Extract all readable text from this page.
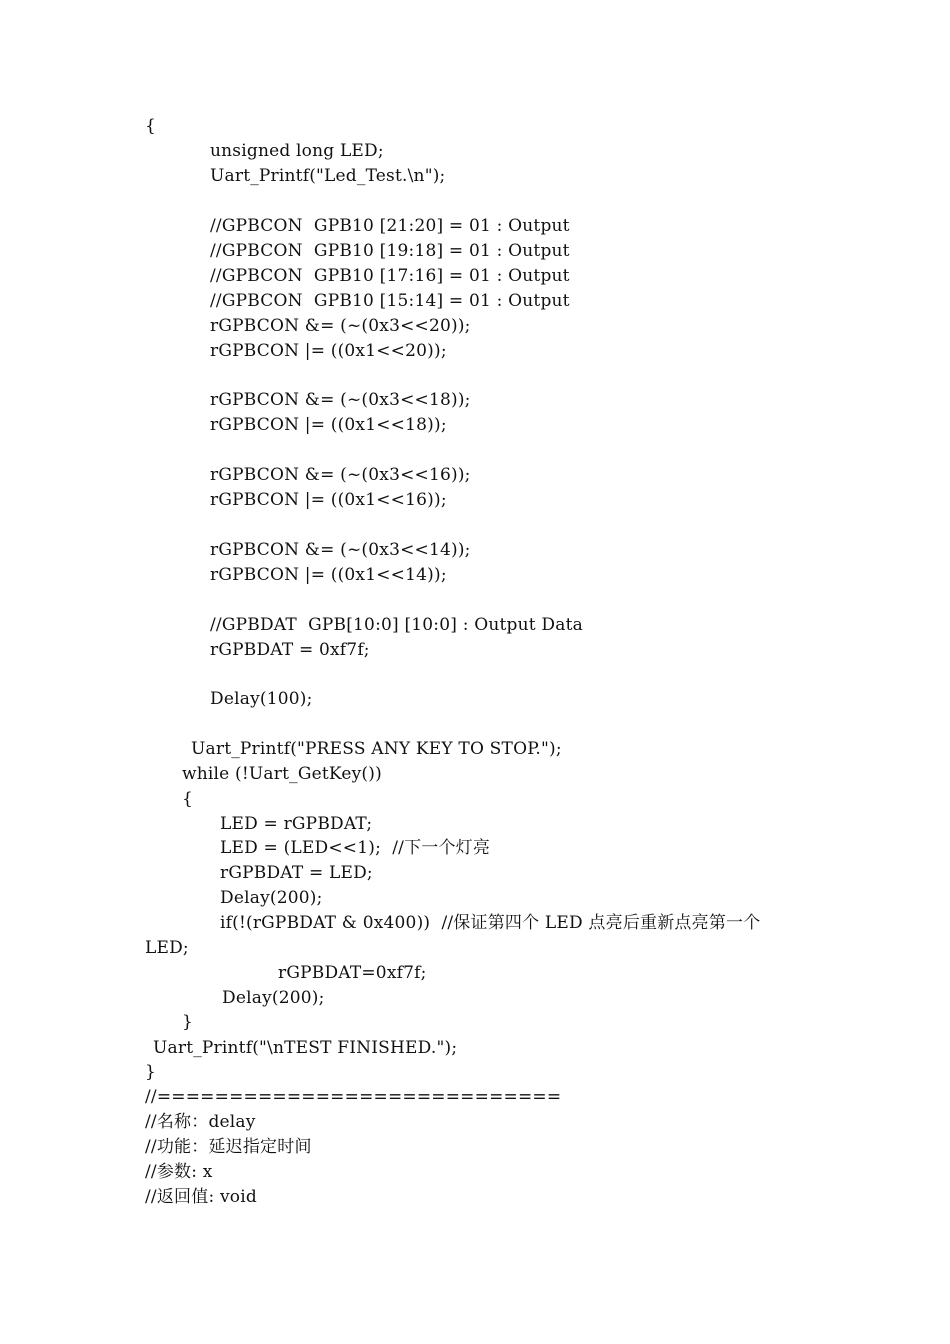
{
unsigned long LED;
Uart_Printf("Led_Test.\n");
//GPBCON  GPB10 [21:20] = 01 : Output
//GPBCON  GPB10 [19:18] = 01 : Output
//GPBCON  GPB10 [17:16] = 01 : Output
//GPBCON  GPB10 [15:14] = 01 : Output
rGPBCON &= (~(0x3<<20));
rGPBCON |= ((0x1<<20));
rGPBCON &= (~(0x3<<18));
rGPBCON |= ((0x1<<18));
rGPBCON &= (~(0x3<<16));
rGPBCON |= ((0x1<<16));
rGPBCON &= (~(0x3<<14));
rGPBCON |= ((0x1<<14));
//GPBDAT  GPB[10:0] [10:0] : Output Data
rGPBDAT = 0xf7f;
Delay(100);
Uart_Printf("PRESS ANY KEY TO STOP.");
while (!Uart_GetKey())
{
LED = rGPBDAT;
LED = (LED<<1);  //下一个灯亮
rGPBDAT = LED;
Delay(200);
if(!(rGPBDAT & 0x400))  //保证第四个 LED 点亮后重新点亮第一个
LED;
rGPBDAT=0xf7f;
Delay(200);
}
Uart_Printf("\nTEST FINISHED.");
}
//============================
//名称：delay
//功能：延迟指定时间
//参数: x
//返回值: void
